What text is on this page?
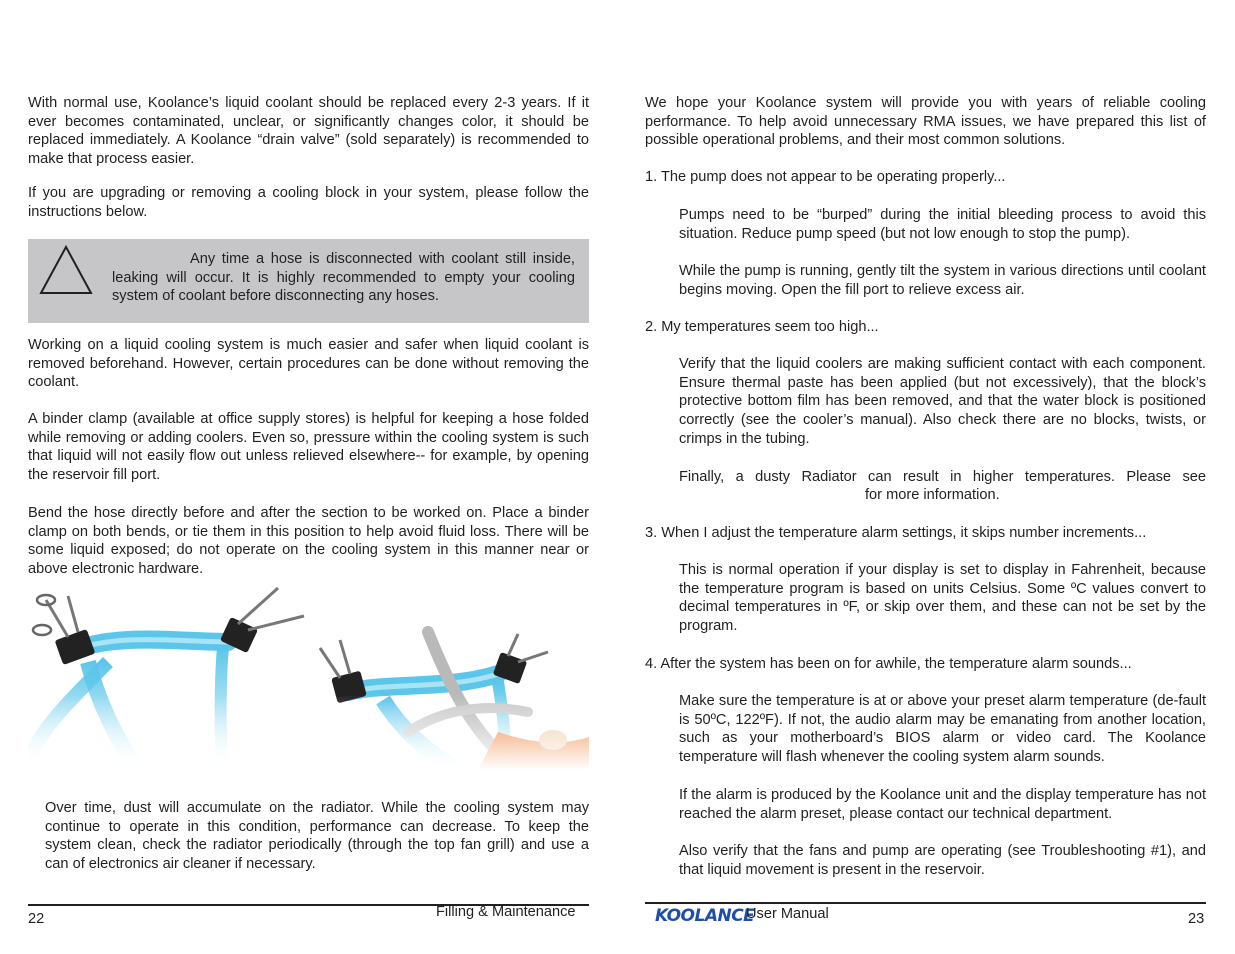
With normal use, Koolance’s liquid coolant should be replaced every 2-3 years. If it ever becomes contaminated, unclear, or significantly changes color, it should be replaced immediately. A Koolance “drain valve” (sold separately) is recommended to make that process easier.

If you are upgrading or removing a cooling block in your system, please follow the instructions below.

Any time a hose is disconnected with coolant still inside, leaking will occur. It is highly recommended to empty your cooling system of coolant before disconnecting any hoses.

Working on a liquid cooling system is much easier and safer when liquid coolant is removed beforehand. However, certain procedures can be done without removing the coolant.

A binder clamp (available at office supply stores) is helpful for keeping a hose folded while removing or adding coolers. Even so, pressure within the cooling system is such that liquid will not easily flow out unless relieved elsewhere-- for example, by opening the reservoir fill port.

Bend the hose directly before and after the section to be worked on. Place a binder clamp on both bends, or tie them in this position to help avoid fluid loss. There will be some liquid exposed; do not operate on the cooling system in this manner near or above electronic hardware.

Over time, dust will accumulate on the radiator. While the cooling system may continue to operate in this condition, performance can decrease. To keep the system clean, check the radiator periodically (through the top fan grill) and use a can of electronics air cleaner if necessary.

22	Filling & Maintenance

We hope your Koolance system will provide you with years of reliable cooling performance. To help avoid unnecessary RMA issues, we have prepared this list of possible operational problems, and their most common solutions.

1. The pump does not appear to be operating properly...

Pumps need to be “burped” during the initial bleeding process to avoid this situation. Reduce pump speed (but not low enough to stop the pump).

While the pump is running, gently tilt the system in various directions until coolant begins moving. Open the fill port to relieve excess air.

2. My temperatures seem too high...

Verify that the liquid coolers are making sufficient contact with each component. Ensure thermal paste has been applied (but not excessively), that the block’s protective bottom film has been removed, and that the water block is positioned correctly (see the cooler’s manual). Also check there are no blocks, twists, or crimps in the tubing.

Finally, a dusty Radiator can result in higher temperatures. Please see

for more information.

3. When I adjust the temperature alarm settings, it skips number increments...

This is normal operation if your display is set to display in Fahrenheit, because the temperature program is based on units Celsius. Some ºC values convert to decimal temperatures in ºF, or skip over them, and these can not be set by the program.

4. After the system has been on for awhile, the temperature alarm sounds...

Make sure the temperature is at or above your preset alarm temperature (de-fault is 50ºC, 122ºF). If not, the audio alarm may be emanating from another location, such as your motherboard’s BIOS alarm or video card. The Koolance temperature will flash whenever the cooling system alarm sounds.

If the alarm is produced by the Koolance unit and the display temperature has not reached the alarm preset, please contact our technical department.

Also verify that the fans and pump are operating (see Troubleshooting #1), and that liquid movement is present in the reservoir.

KOOLANCE
User Manual	23
